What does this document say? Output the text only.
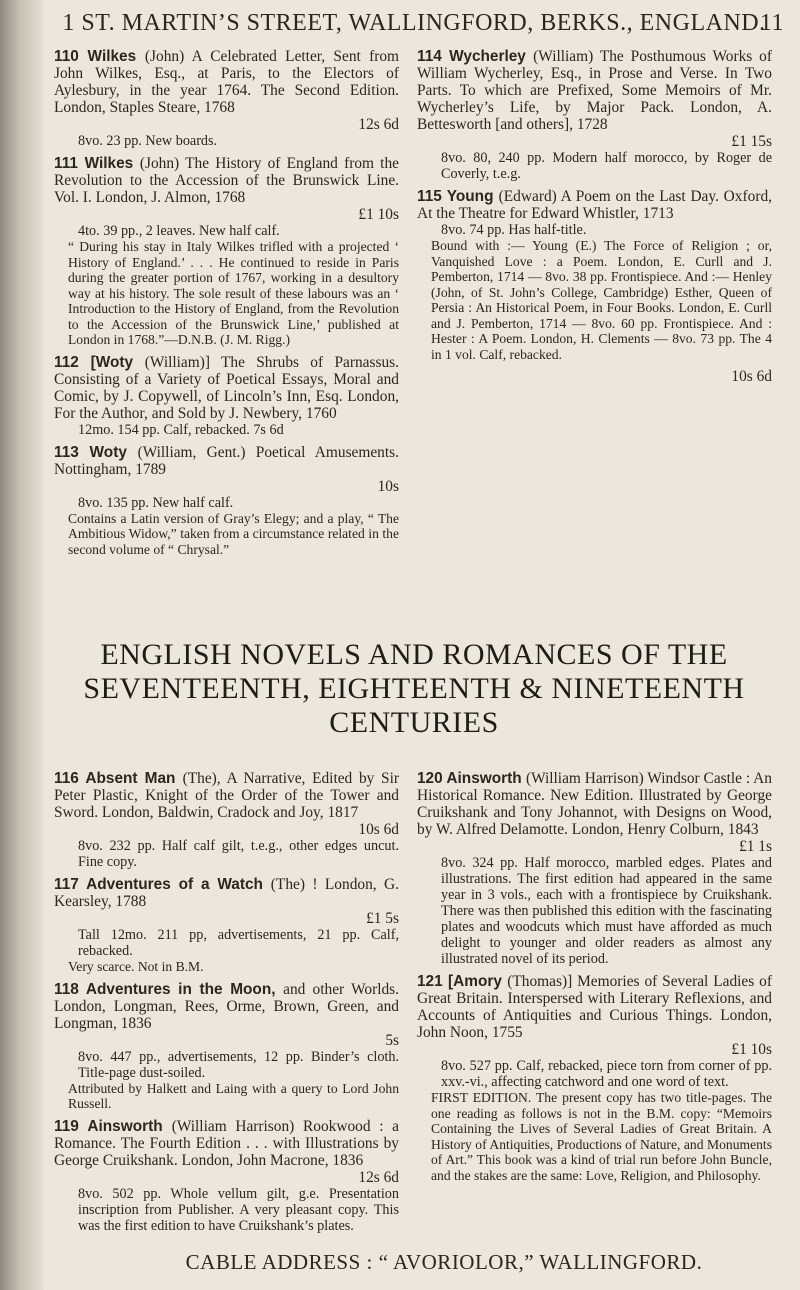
1 ST. MARTIN’S STREET, WALLINGFORD, BERKS., ENGLAND.
11
110 Wilkes (John) A Celebrated Letter, Sent from John Wilkes, Esq., at Paris, to the Electors of Aylesbury, in the year 1764. The Second Edition. London, Staples Steare, 1768
12s 6d
8vo. 23 pp. New boards.
111 Wilkes (John) The History of England from the Revolution to the Accession of the Brunswick Line. Vol. I. London, J. Almon, 1768
£1 10s
4to. 39 pp., 2 leaves. New half calf.
“ During his stay in Italy Wilkes trifled with a projected ‘ History of England.’ . . . He continued to reside in Paris during the greater portion of 1767, working in a desultory way at his history. The sole result of these labours was an ‘ Introduction to the History of England, from the Revolution to the Accession of the Brunswick Line,’ published at London in 1768.”—D.N.B. (J. M. Rigg.)
112 [Woty (William)] The Shrubs of Parnassus. Consisting of a Variety of Poetical Essays, Moral and Comic, by J. Copywell, of Lincoln’s Inn, Esq. London, For the Author, and Sold by J. Newbery, 1760
12mo. 154 pp. Calf, rebacked. 7s 6d
113 Woty (William, Gent.) Poetical Amusements. Nottingham, 1789
10s
8vo. 135 pp. New half calf.
Contains a Latin version of Gray’s Elegy; and a play, “ The Ambitious Widow,” taken from a circumstance related in the second volume of “ Chrysal.”
114 Wycherley (William) The Posthumous Works of William Wycherley, Esq., in Prose and Verse. In Two Parts. To which are Prefixed, Some Memoirs of Mr. Wycherley’s Life, by Major Pack. London, A. Bettesworth [and others], 1728
£1 15s
8vo. 80, 240 pp. Modern half morocco, by Roger de Coverly, t.e.g.
115 Young (Edward) A Poem on the Last Day. Oxford, At the Theatre for Edward Whistler, 1713
8vo. 74 pp. Has half-title.
Bound with :— Young (E.) The Force of Religion ; or, Vanquished Love : a Poem. London, E. Curll and J. Pemberton, 1714 — 8vo. 38 pp. Frontispiece. And :— Henley (John, of St. John’s College, Cambridge) Esther, Queen of Persia : An Historical Poem, in Four Books. London, E. Curll and J. Pemberton, 1714 — 8vo. 60 pp. Frontispiece. And : Hester : A Poem. London, H. Clements — 8vo. 73 pp. The 4 in 1 vol. Calf, rebacked.
10s 6d
ENGLISH NOVELS AND ROMANCES OF THE SEVENTEENTH, EIGHTEENTH & NINETEENTH CENTURIES
116 Absent Man (The), A Narrative, Edited by Sir Peter Plastic, Knight of the Order of the Tower and Sword. London, Baldwin, Cradock and Joy, 1817
10s 6d
8vo. 232 pp. Half calf gilt, t.e.g., other edges uncut. Fine copy.
117 Adventures of a Watch (The) ! London, G. Kearsley, 1788
£1 5s
Tall 12mo. 211 pp, advertisements, 21 pp. Calf, rebacked.
Very scarce. Not in B.M.
118 Adventures in the Moon, and other Worlds. London, Longman, Rees, Orme, Brown, Green, and Longman, 1836
5s
8vo. 447 pp., advertisements, 12 pp. Binder’s cloth. Title-page dust-soiled.
Attributed by Halkett and Laing with a query to Lord John Russell.
119 Ainsworth (William Harrison) Rookwood : a Romance. The Fourth Edition . . . with Illustrations by George Cruikshank. London, John Macrone, 1836
12s 6d
8vo. 502 pp. Whole vellum gilt, g.e. Presentation inscription from Publisher. A very pleasant copy. This was the first edition to have Cruikshank’s plates.
120 Ainsworth (William Harrison) Windsor Castle : An Historical Romance. New Edition. Illustrated by George Cruikshank and Tony Johannot, with Designs on Wood, by W. Alfred Delamotte. London, Henry Colburn, 1843
£1 1s
8vo. 324 pp. Half morocco, marbled edges. Plates and illustrations. The first edition had appeared in the same year in 3 vols., each with a frontispiece by Cruikshank. There was then published this edition with the fascinating plates and woodcuts which must have afforded as much delight to younger and older readers as almost any illustrated novel of its period.
121 [Amory (Thomas)] Memories of Several Ladies of Great Britain. Interspersed with Literary Reflexions, and Accounts of Antiquities and Curious Things. London, John Noon, 1755
£1 10s
8vo. 527 pp. Calf, rebacked, piece torn from corner of pp. xxv.-vi., affecting catchword and one word of text.
FIRST EDITION. The present copy has two title-pages. The one reading as follows is not in the B.M. copy: “Memoirs Containing the Lives of Several Ladies of Great Britain. A History of Antiquities, Productions of Nature, and Monuments of Art.” This book was a kind of trial run before John Buncle, and the stakes are the same: Love, Religion, and Philosophy.
CABLE ADDRESS : “ AVORIOLOR,” WALLINGFORD.
